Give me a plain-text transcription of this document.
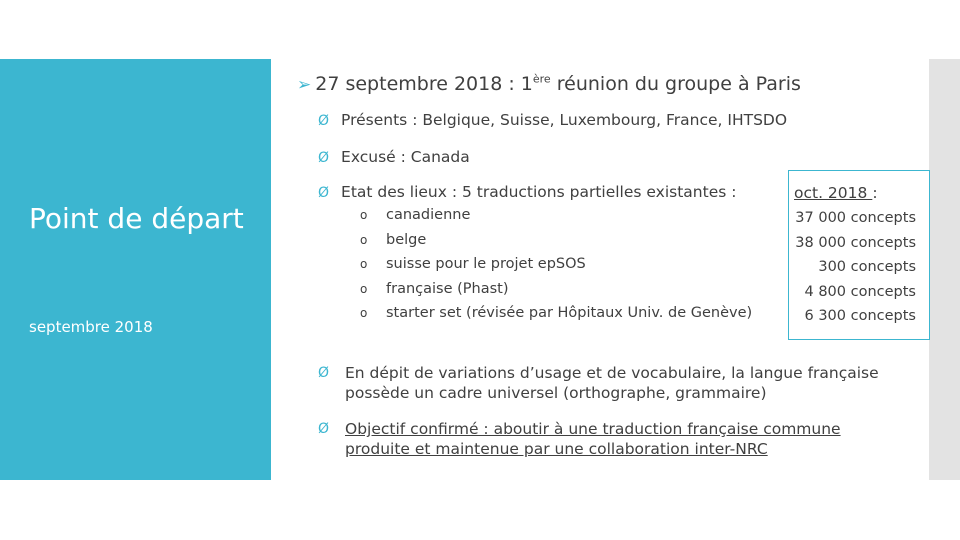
Point de départ
septembre 2018
➢ 27 septembre 2018 : 1ère réunion du groupe à Paris
Ø Présents : Belgique, Suisse, Luxembourg, France, IHTSDO
Ø Excusé : Canada
Ø Etat des lieux : 5 traductions partielles existantes :
o canadienne
o belge
o suisse pour le projet epSOS
o française (Phast)
o starter set (révisée par Hôpitaux Univ. de Genève)
oct. 2018 :
37 000 concepts
38 000 concepts
300 concepts
4 800 concepts
6 300 concepts
Ø En dépit de variations d’usage et de vocabulaire, la langue française possède un cadre universel (orthographe, grammaire)
Ø Objectif confirmé : aboutir à une traduction française commune produite et maintenue par une collaboration inter-NRC
